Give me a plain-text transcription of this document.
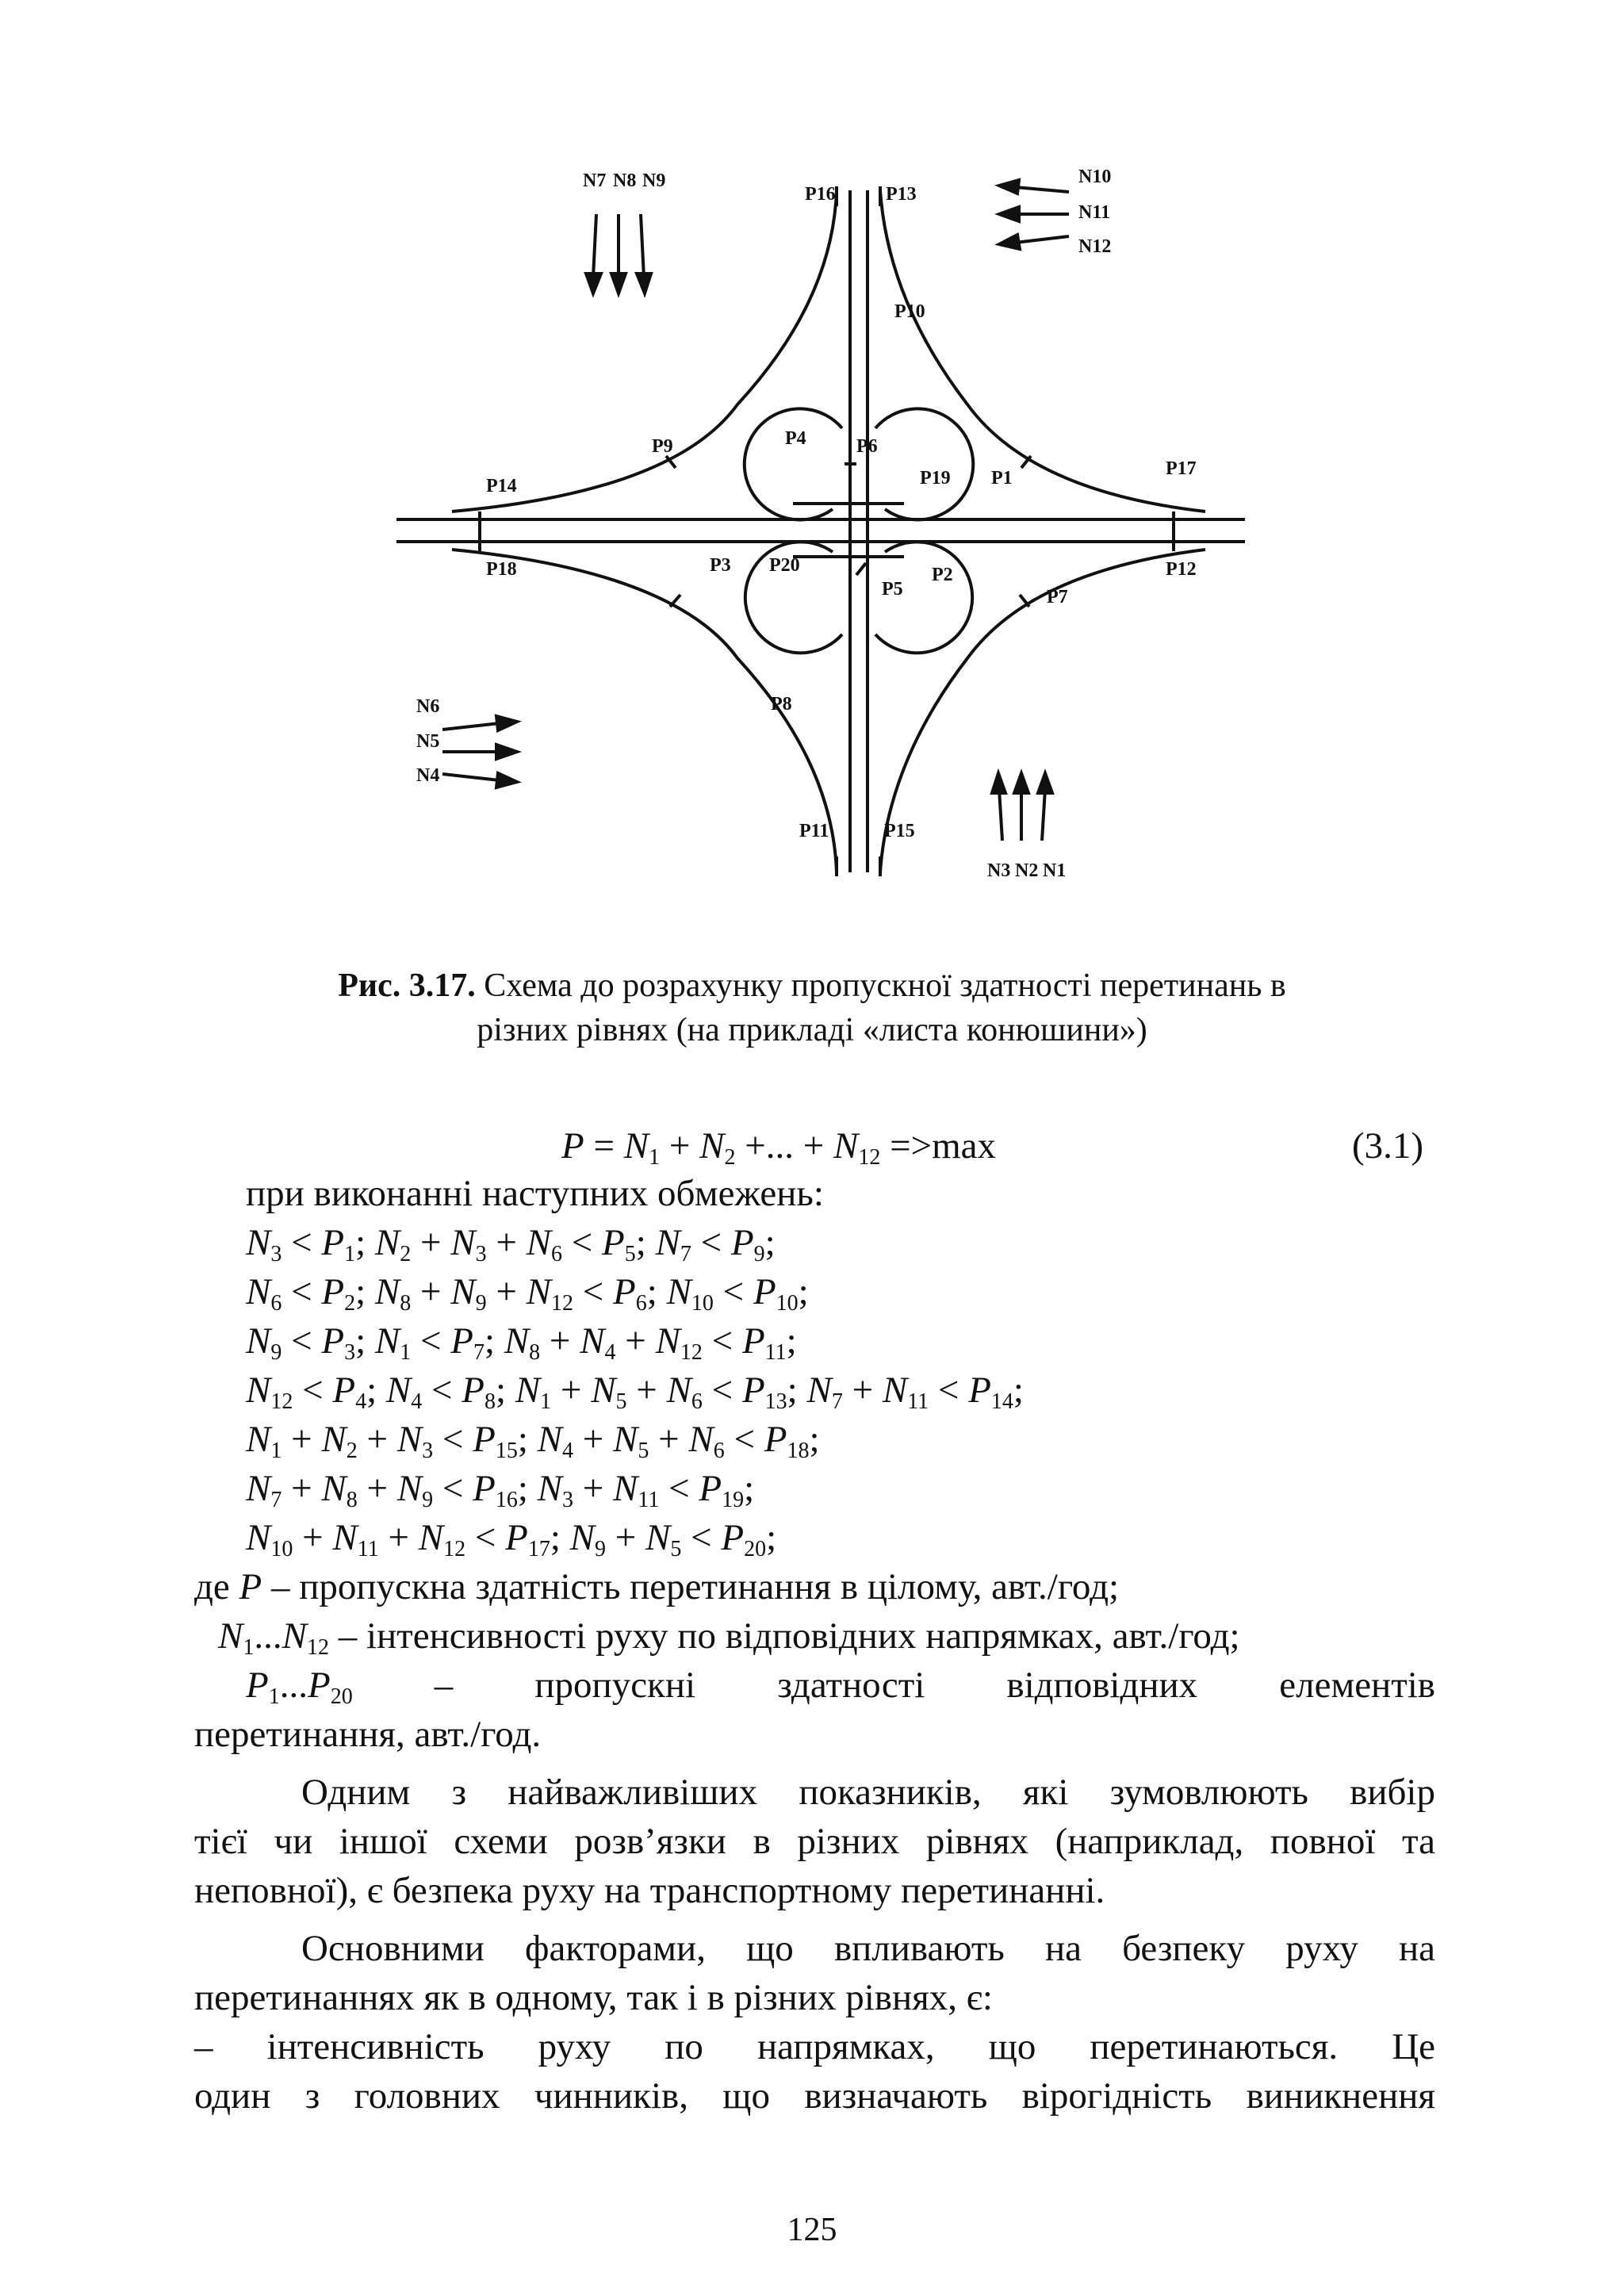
N7 N8 N9	N10
N11
N12
N6
N5
N4
N3 N2 N1
P16	P13
P10
P9	P4	P6
P19 P1
P14
P17
P18	P12
P3 P20
P5
P2
P7
P8
P11	P15
Рис. 3.17. Схема до розрахунку пропускної здатності перетинань в
різних рівнях (на прикладі «листа конюшини»)
$P = N_1 + N_2$ +... + $N_{12} =>\max$	(3.1)
при виконанні наступних обмежень:
$N_3 < P_1$; $N_2 + N_3 + N_6 < P_5$; $N_7 < P_9$;
$N_6 < P_2$; $N_8 + N_9 + N_{12} < P_6$; $N_{10} < P_{10}$;
$N_9 < P_3$; $N_1 < P_7$; $N_8 + N_4 + N_{12} < P_{11}$;
$N_{12} < P_4$; $N_4 < P_8$; $N_1 + N_5 + N_6 < P_{13}$; $N_7 + N_{11} < P_{14}$;
$N_1 + N_2 + N_3 < P_{15}$; $N_4 + N_5 + N_6 < P_{18}$;
$N_7 + N_8 + N_9 < P_{16}$; $N_3 + N_{11} < P_{19}$;
$N_{10} + N_{11} + N_{12} < P_{17}$; $N_9 + N_5 < P_{20}$;
де P – пропускна здатність перетинання в цілому, авт./год;
$N_1...N_{12}$ – інтенсивності руху по відповідних напрямках, авт./год;
$P_1...P_{20}$   –   пропускні   здатності   відповідних   елементів
перетинання, авт./год.
Одним з найважливіших показників, які зумовлюють вибір
тієї чи іншої схеми розв’язки в різних рівнях (наприклад, повної та
неповної), є безпека руху на транспортному перетинанні.
Основними факторами, що впливають на безпеку руху на
перетинаннях як в одному, так і в різних рівнях, є:
– інтенсивність руху по напрямках, що перетинаються. Це
один з головних чинників, що визначають вірогідність виникнення
125
